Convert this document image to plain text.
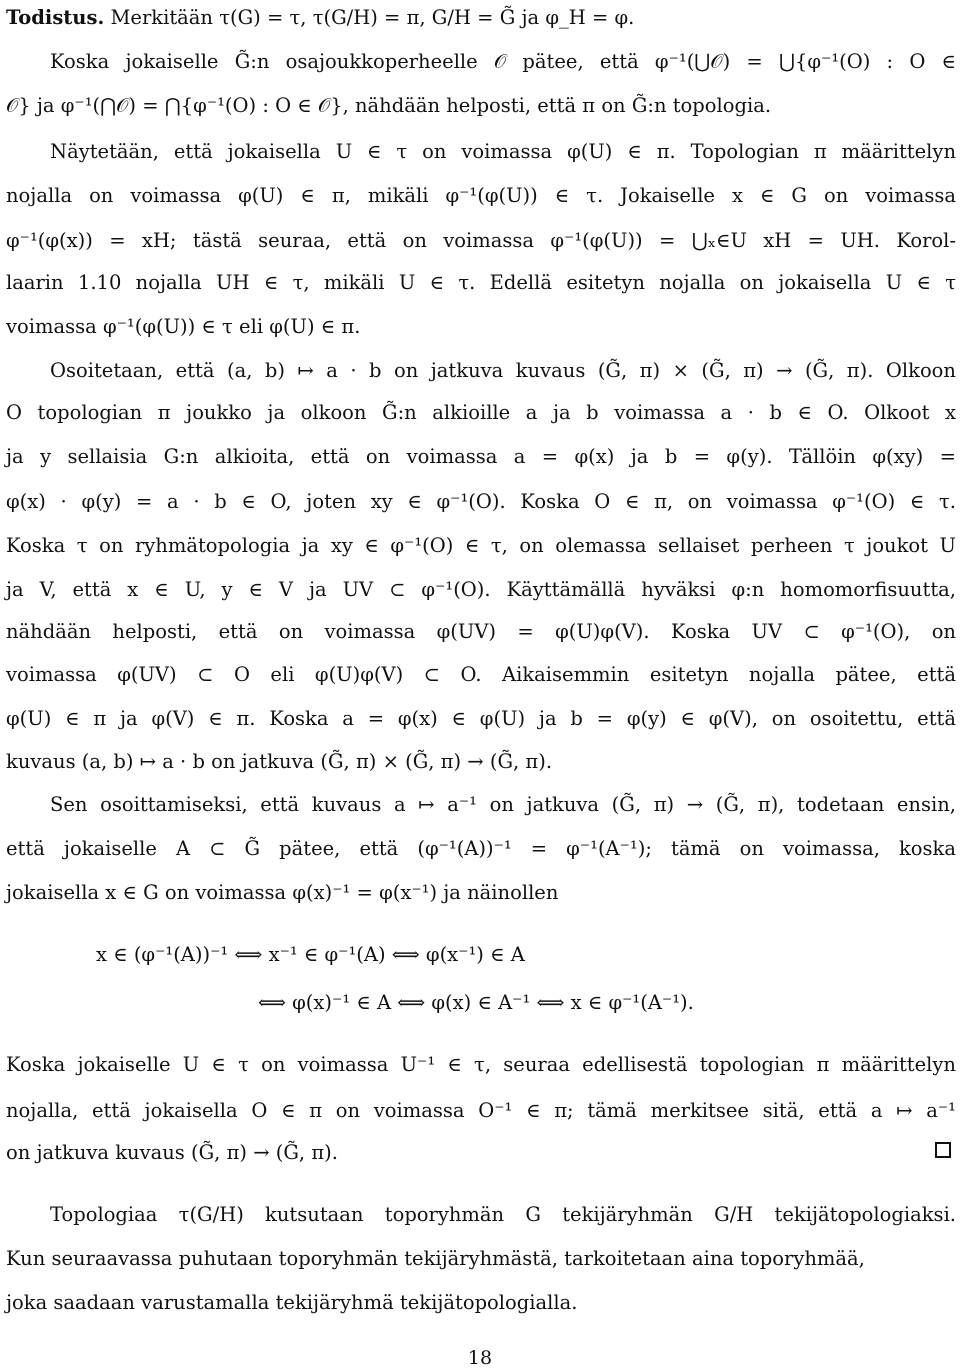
Todistus. Merkitään τ(G) = τ, τ(G/H) = π, G/H = G̃ ja φ_H = φ.
Koska jokaiselle G̃:n osajoukkoperheelle 𝒪 pätee, että φ⁻¹(⋃𝒪) = ⋃{φ⁻¹(O) : O ∈
𝒪} ja φ⁻¹(⋂𝒪) = ⋂{φ⁻¹(O) : O ∈ 𝒪}, nähdään helposti, että π on G̃:n topologia.
Näytetään, että jokaisella U ∈ τ on voimassa φ(U) ∈ π. Topologian π määrittelyn
nojalla on voimassa φ(U) ∈ π, mikäli φ⁻¹(φ(U)) ∈ τ. Jokaiselle x ∈ G on voimassa
φ⁻¹(φ(x)) = xH; tästä seuraa, että on voimassa φ⁻¹(φ(U)) = ⋃ₓ∈U xH = UH. Korol-
laarin 1.10 nojalla UH ∈ τ, mikäli U ∈ τ. Edellä esitetyn nojalla on jokaisella U ∈ τ
voimassa φ⁻¹(φ(U)) ∈ τ eli φ(U) ∈ π.
Osoitetaan, että (a, b) ↦ a · b on jatkuva kuvaus (G̃, π) × (G̃, π) → (G̃, π). Olkoon
O topologian π joukko ja olkoon G̃:n alkioille a ja b voimassa a · b ∈ O. Olkoot x
ja y sellaisia G:n alkioita, että on voimassa a = φ(x) ja b = φ(y). Tällöin φ(xy) =
φ(x) · φ(y) = a · b ∈ O, joten xy ∈ φ⁻¹(O). Koska O ∈ π, on voimassa φ⁻¹(O) ∈ τ.
Koska τ on ryhmätopologia ja xy ∈ φ⁻¹(O) ∈ τ, on olemassa sellaiset perheen τ joukot U
ja V, että x ∈ U, y ∈ V ja UV ⊂ φ⁻¹(O). Käyttämällä hyväksi φ:n homomorfisuutta,
nähdään helposti, että on voimassa φ(UV) = φ(U)φ(V). Koska UV ⊂ φ⁻¹(O), on
voimassa φ(UV) ⊂ O eli φ(U)φ(V) ⊂ O. Aikaisemmin esitetyn nojalla pätee, että
φ(U) ∈ π ja φ(V) ∈ π. Koska a = φ(x) ∈ φ(U) ja b = φ(y) ∈ φ(V), on osoitettu, että
kuvaus (a, b) ↦ a · b on jatkuva (G̃, π) × (G̃, π) → (G̃, π).
Sen osoittamiseksi, että kuvaus a ↦ a⁻¹ on jatkuva (G̃, π) → (G̃, π), todetaan ensin,
että jokaiselle A ⊂ G̃ pätee, että (φ⁻¹(A))⁻¹ = φ⁻¹(A⁻¹); tämä on voimassa, koska
jokaisella x ∈ G on voimassa φ(x)⁻¹ = φ(x⁻¹) ja näinollen
x ∈ (φ⁻¹(A))⁻¹ ⟺ x⁻¹ ∈ φ⁻¹(A) ⟺ φ(x⁻¹) ∈ A
⟺ φ(x)⁻¹ ∈ A ⟺ φ(x) ∈ A⁻¹ ⟺ x ∈ φ⁻¹(A⁻¹).
Koska jokaiselle U ∈ τ on voimassa U⁻¹ ∈ τ, seuraa edellisestä topologian π määrittelyn
nojalla, että jokaisella O ∈ π on voimassa O⁻¹ ∈ π; tämä merkitsee sitä, että a ↦ a⁻¹
on jatkuva kuvaus (G̃, π) → (G̃, π).
Topologiaa τ(G/H) kutsutaan toporyhmän G tekijäryhmän G/H tekijätopologiaksi.
Kun seuraavassa puhutaan toporyhmän tekijäryhmästä, tarkoitetaan aina toporyhmää,
joka saadaan varustamalla tekijäryhmä tekijätopologialla.
18
